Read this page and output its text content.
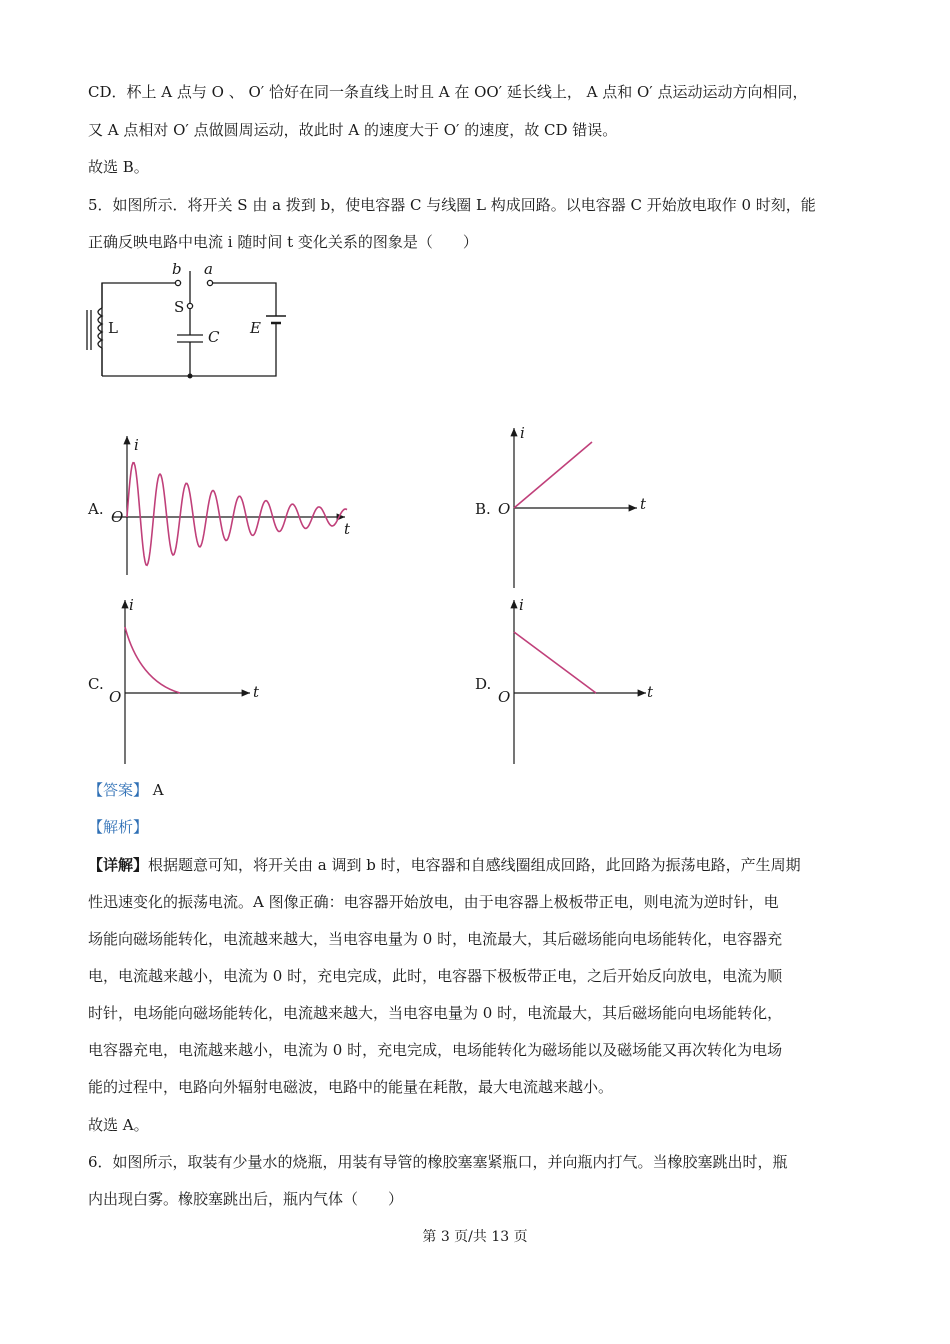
CD．杯上 A 点与 O 、 O′ 恰好在同一条直线上时且 A 在 OO′ 延长线上， A 点和 O′ 点运动运动方向相同，
又 A 点相对 O′ 点做圆周运动，故此时 A 的速度大于 O′ 的速度，故 CD 错误。
故选 B。
5．如图所示．将开关 S 由 a 拨到 b，使电容器 C 与线圈 L 构成回路。以电容器 C 开始放电取作 0 时刻，能
正确反映电路中电流 i 随时间 t 变化关系的图象是（　　）
b a
S
L	C E
A.
i
t
O	B.
i
t
O
C.
i
t
O
D.
i
t
O
【答案】 A
【解析】
【详解】根据题意可知，将开关由 a 调到 b 时，电容器和自感线圈组成回路，此回路为振荡电路，产生周期
性迅速变化的振荡电流。A 图像正确：电容器开始放电，由于电容器上极板带正电，则电流为逆时针，电
场能向磁场能转化，电流越来越大，当电容电量为 0 时，电流最大，其后磁场能向电场能转化，电容器充
电，电流越来越小，电流为 0 时，充电完成，此时，电容器下极板带正电，之后开始反向放电，电流为顺
时针，电场能向磁场能转化，电流越来越大，当电容电量为 0 时，电流最大，其后磁场能向电场能转化，
电容器充电，电流越来越小，电流为 0 时，充电完成，电场能转化为磁场能以及磁场能又再次转化为电场
能的过程中，电路向外辐射电磁波，电路中的能量在耗散，最大电流越来越小。
故选 A。
6．如图所示，取装有少量水的烧瓶，用装有导管的橡胶塞塞紧瓶口，并向瓶内打气。当橡胶塞跳出时，瓶
内出现白雾。橡胶塞跳出后，瓶内气体（　　）
第 3 页/共 13 页
